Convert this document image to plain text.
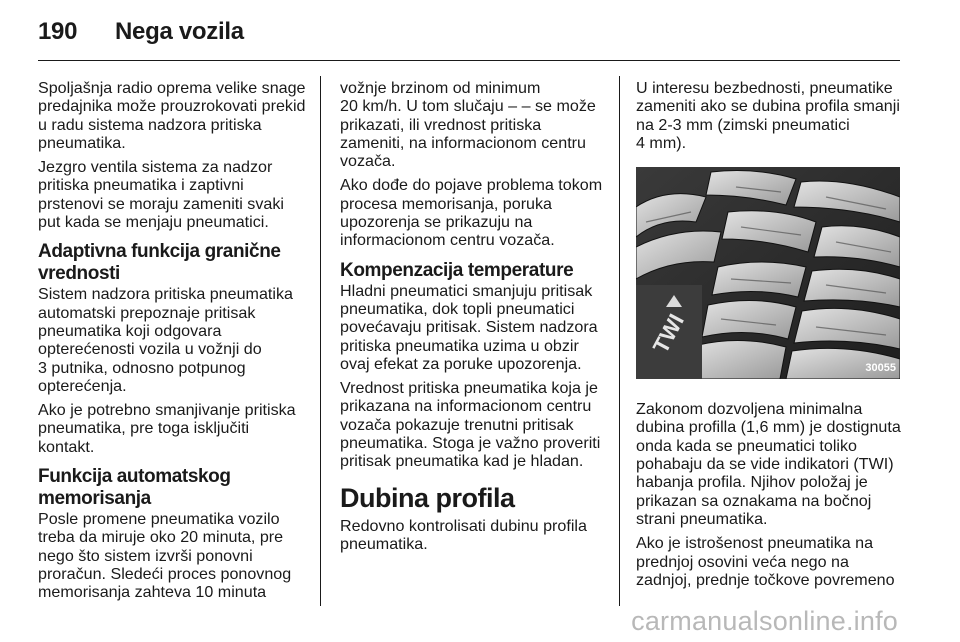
190 Nega vozila

Spoljašnja radio oprema velike snage
predajnika može prouzrokovati prekid
u radu sistema nadzora pritiska
pneumatika.

Jezgro ventila sistema za nadzor
pritiska pneumatika i zaptivni
prstenovi se moraju zameniti svaki
put kada se menjaju pneumatici.

Adaptivna funkcija granične
vrednosti

Sistem nadzora pritiska pneumatika
automatski prepoznaje pritisak
pneumatika koji odgovara
opterećenosti vozila u vožnji do
3 putnika, odnosno potpunog
opterećenja.

Ako je potrebno smanjivanje pritiska
pneumatika, pre toga isključiti
kontakt.

Funkcija automatskog
memorisanja

Posle promene pneumatika vozilo
treba da miruje oko 20 minuta, pre
nego što sistem izvrši ponovni
proračun. Sledeći proces ponovnog
memorisanja zahteva 10 minuta

vožnje brzinom od minimum
20 km/h. U tom slučaju – – se može
prikazati, ili vrednost pritiska
zameniti, na informacionom centru
vozača.

Ako dođe do pojave problema tokom
procesa memorisanja, poruka
upozorenja se prikazuju na
informacionom centru vozača.

Kompenzacija temperature

Hladni pneumatici smanjuju pritisak
pneumatika, dok topli pneumatici
povećavaju pritisak. Sistem nadzora
pritiska pneumatika uzima u obzir
ovaj efekat za poruke upozorenja.

Vrednost pritiska pneumatika koja je
prikazana na informacionom centru
vozača pokazuje trenutni pritisak
pneumatika. Stoga je važno proveriti
pritisak pneumatika kad je hladan.

Dubina profila

Redovno kontrolisati dubinu profila
pneumatika.

U interesu bezbednosti, pneumatike
zameniti ako se dubina profila smanji
na 2-3 mm (zimski pneumatici
4 mm).

TWI
30055

Zakonom dozvoljena minimalna
dubina profilla (1,6 mm) je dostignuta
onda kada se pneumatici toliko
pohabaju da se vide indikatori (TWI)
habanja profila. Njihov položaj je
prikazan sa oznakama na bočnoj
strani pneumatika.

Ako je istrošenost pneumatika na
prednjoj osovini veća nego na
zadnjoj, prednje točkove povremeno

carmanualsonline.info
